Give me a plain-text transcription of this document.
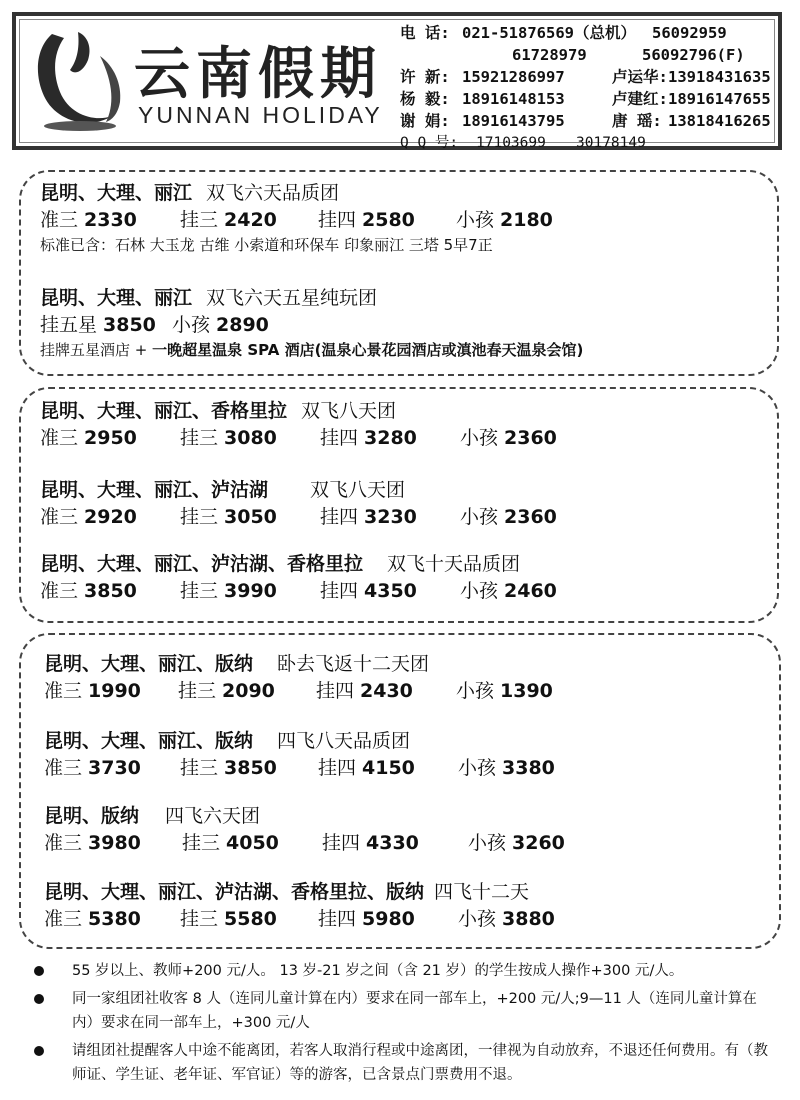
云南假期
YUNNAN HOLIDAY
电 话: 021-51876569（总机） 56092959
61728979	56092796(F)
许 新: 15921286997	卢运华:13918431635
杨 毅: 18916148153	卢建红:18916147655
谢 娟: 18916143795	唐 瑶: 13818416265
Q Q 号: 17103699 30178149
昆明、大理、丽江 双飞六天品质团
准三 2330 挂三 2420 挂四 2580 小孩 2180
标准已含：石林 大玉龙 古维 小索道和环保车 印象丽江 三塔 5早7正
昆明、大理、丽江 双飞六天五星纯玩团
挂五星 3850 小孩 2890
挂牌五星酒店 + 一晚超星温泉 SPA 酒店(温泉心景花园酒店或滇池春天温泉会馆)
昆明、大理、丽江、香格里拉 双飞八天团
准三 2950 挂三 3080 挂四 3280 小孩 2360
昆明、大理、丽江、泸沽湖 双飞八天团
准三 2920 挂三 3050 挂四 3230 小孩 2360
昆明、大理、丽江、泸沽湖、香格里拉 双飞十天品质团
准三 3850 挂三 3990 挂四 4350 小孩 2460
昆明、大理、丽江、版纳 卧去飞返十二天团
准三 1990 挂三 2090 挂四 2430 小孩 1390
昆明、大理、丽江、版纳 四飞八天品质团
准三 3730 挂三 3850 挂四 4150 小孩 3380
昆明、版纳 四飞六天团
准三 3980 挂三 4050 挂四 4330	小孩 3260
昆明、大理、丽江、泸沽湖、香格里拉、版纳 四飞十二天
准三 5380 挂三 5580 挂四 5980 小孩 3880
55 岁以上、教师+200 元/人。 13 岁-21 岁之间（含 21 岁）的学生按成人操作+300 元/人。
同一家组团社收客 8 人（连同儿童计算在内）要求在同一部车上，+200 元/人;9—11 人（连同儿童计算在内）要求在同一部车上，+300 元/人
请组团社提醒客人中途不能离团，若客人取消行程或中途离团，一律视为自动放弃，不退还任何费用。有（教师证、学生证、老年证、军官证）等的游客，已含景点门票费用不退。
